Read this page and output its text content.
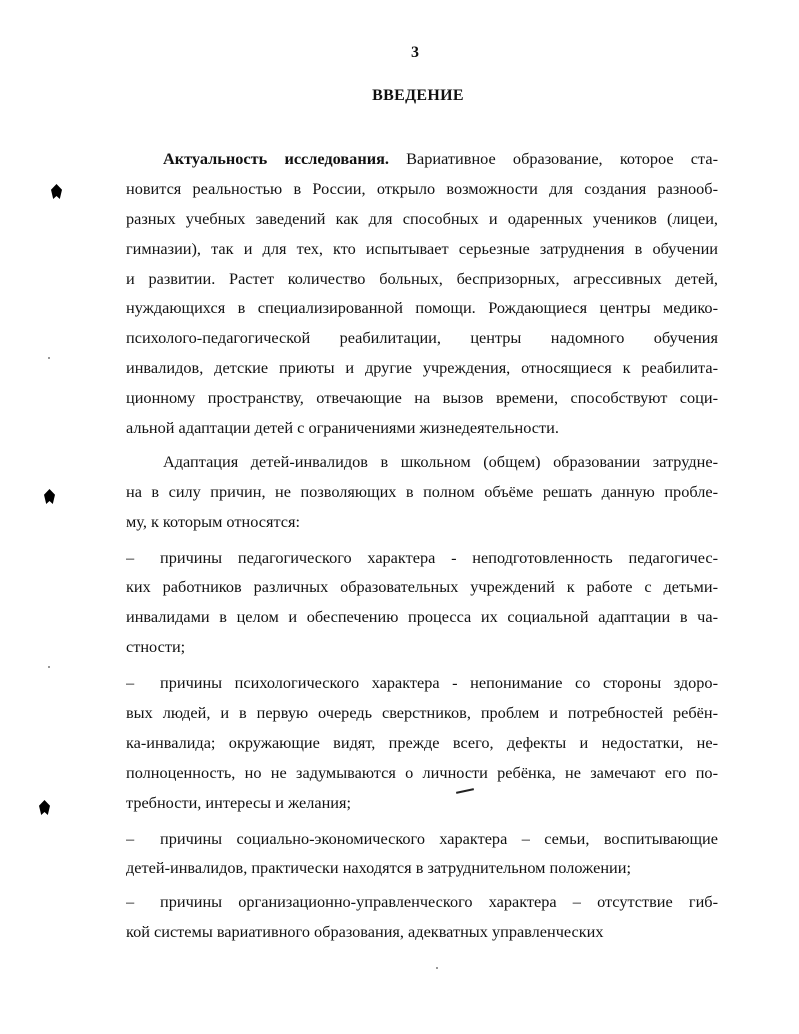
3
ВВЕДЕНИЕ
Актуальность исследования. Вариативное образование, которое ста-
новится реальностью в России, открыло возможности для создания разнооб-
разных учебных заведений как для способных и одаренных учеников (лицеи,
гимназии), так и для тех, кто испытывает серьезные затруднения в обучении
и развитии. Растет количество больных, беспризорных, агрессивных детей,
нуждающихся в специализированной помощи. Рождающиеся центры медико-
психолого-педагогической реабилитации, центры надомного обучения
инвалидов, детские приюты и другие учреждения, относящиеся к реабилита-
ционному пространству, отвечающие на вызов времени, способствуют соци-
альной адаптации детей с ограничениями жизнедеятельности.
Адаптация детей-инвалидов в школьном (общем) образовании затрудне-
на в силу причин, не позволяющих в полном объёме решать данную пробле-
му, к которым относятся:
– причины педагогического характера - неподготовленность педагогичес-
ких работников различных образовательных учреждений к работе с детьми-
инвалидами в целом и обеспечению процесса их социальной адаптации в ча-
стности;
– причины психологического характера - непонимание со стороны здоро-
вых людей, и в первую очередь сверстников, проблем и потребностей ребён-
ка-инвалида; окружающие видят, прежде всего, дефекты и недостатки, не-
полноценность, но не задумываются о личности ребёнка, не замечают его по-
требности, интересы и желания;
– причины социально-экономического характера – семьи, воспитывающие
детей-инвалидов, практически находятся в затруднительном положении;
– причины организационно-управленческого характера – отсутствие гиб-
кой системы вариативного образования, адекватных управленческих
